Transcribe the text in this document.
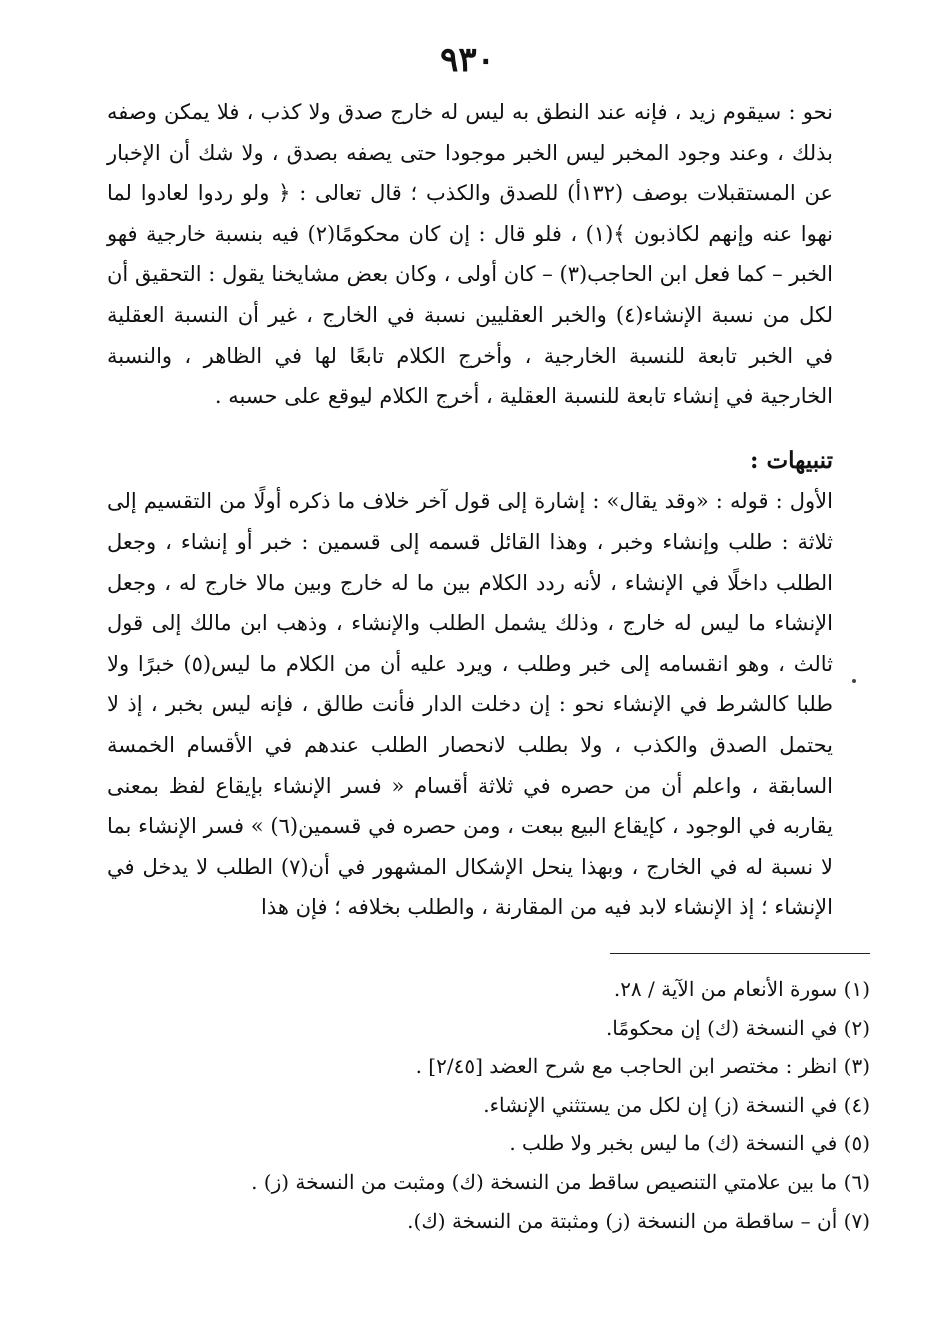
٩٣٠

نحو : سيقوم زيد ، فإنه عند النطق به ليس له خارج صدق ولا كذب ، فلا يمكن وصفه بذلك ، وعند وجود المخبر ليس الخبر موجودا حتى يصفه بصدق ، ولا شك أن الإخبار عن المستقبلات بوصف (١٣٢أ) للصدق والكذب ؛ قال تعالى : ﴿ ولو ردوا لعادوا لما نهوا عنه وإنهم لكاذبون ﴾(١) ، فلو قال : إن كان محكومًا(٢) فيه بنسبة خارجية فهو الخبر – كما فعل ابن الحاجب(٣) – كان أولى ، وكان بعض مشايخنا يقول : التحقيق أن لكل من نسبة الإنشاء(٤) والخبر العقليين نسبة في الخارج ، غير أن النسبة العقلية في الخبر تابعة للنسبة الخارجية ، وأخرج الكلام تابعًا لها في الظاهر ، والنسبة الخارجية في إنشاء تابعة للنسبة العقلية ، أخرج الكلام ليوقع على حسبه .

تنبيهات :

الأول : قوله : «وقد يقال» : إشارة إلى قول آخر خلاف ما ذكره أولًا من التقسيم إلى ثلاثة : طلب وإنشاء وخبر ، وهذا القائل قسمه إلى قسمين : خبر أو إنشاء ، وجعل الطلب داخلًا في الإنشاء ، لأنه ردد الكلام بين ما له خارج وبين مالا خارج له ، وجعل الإنشاء ما ليس له خارج ، وذلك يشمل الطلب والإنشاء ، وذهب ابن مالك إلى قول ثالث ، وهو انقسامه إلى خبر وطلب ، ويرد عليه أن من الكلام ما ليس(٥) خبرًا ولا طلبا كالشرط في الإنشاء نحو : إن دخلت الدار فأنت طالق ، فإنه ليس بخبر ، إذ لا يحتمل الصدق والكذب ، ولا بطلب لانحصار الطلب عندهم في الأقسام الخمسة السابقة ، واعلم أن من حصره في ثلاثة أقسام « فسر الإنشاء بإيقاع لفظ بمعنى يقاربه في الوجود ، كإيقاع البيع ببعت ، ومن حصره في قسمين(٦) » فسر الإنشاء بما لا نسبة له في الخارج ، وبهذا ينحل الإشكال المشهور في أن(٧) الطلب لا يدخل في الإنشاء ؛ إذ الإنشاء لابد فيه من المقارنة ، والطلب بخلافه ؛ فإن هذا

(١) سورة الأنعام من الآية / ٢٨.

(٢) في النسخة (ك) إن محكومًا.

(٣) انظر : مختصر ابن الحاجب مع شرح العضد [٢/٤٥] .

(٤) في النسخة (ز) إن لكل من يستثني الإنشاء.

(٥) في النسخة (ك) ما ليس بخبر ولا طلب .

(٦) ما بين علامتي التنصيص ساقط من النسخة (ك) ومثبت من النسخة (ز) .

(٧) أن – ساقطة من النسخة (ز) ومثبتة من النسخة (ك).
